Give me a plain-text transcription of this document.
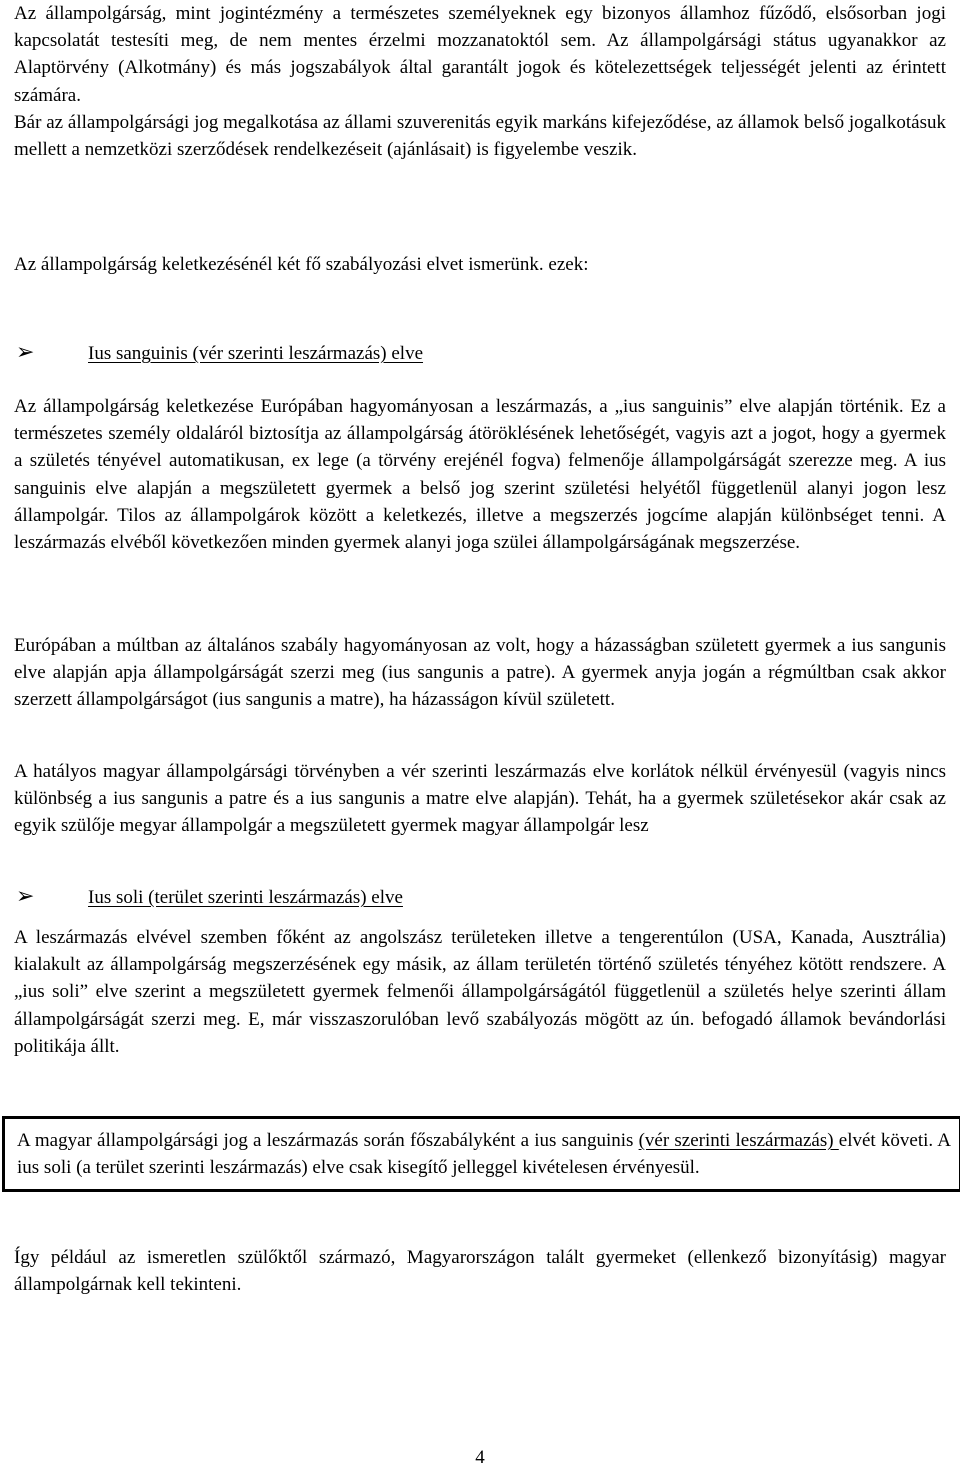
Az állampolgárság, mint jogintézmény a természetes személyeknek egy bizonyos államhoz fűződő, elsősorban jogi kapcsolatát testesíti meg, de nem mentes érzelmi mozzanatoktól sem. Az állampolgársági státus ugyanakkor az Alaptörvény (Alkotmány) és más jogszabályok által garantált jogok és kötelezettségek teljességét jelenti az érintett számára.

Bár az állampolgársági jog megalkotása az állami szuverenitás egyik markáns kifejeződése, az államok belső jogalkotásuk mellett a nemzetközi szerződések rendelkezéseit (ajánlásait) is figyelembe veszik.

Az állampolgárság keletkezésénél két fő szabályozási elvet ismerünk. ezek:

➢	Ius sanguinis (vér szerinti leszármazás) elve

Az állampolgárság keletkezése Európában hagyományosan a leszármazás, a „ius sanguinis” elve alapján történik. Ez a természetes személy oldaláról biztosítja az állampolgárság átöröklésének lehetőségét, vagyis azt a jogot, hogy a gyermek a születés tényével automatikusan, ex lege (a törvény erejénél fogva) felmenője állampolgárságát szerezze meg. A ius sanguinis elve alapján a megszületett gyermek a belső jog szerint születési helyétől függetlenül alanyi jogon lesz állampolgár. Tilos az állampolgárok között a keletkezés, illetve a megszerzés jogcíme alapján különbséget tenni. A leszármazás elvéből következően minden gyermek alanyi joga szülei állampolgárságának megszerzése.

Európában a múltban az általános szabály hagyományosan az volt, hogy a házasságban született gyermek a ius sangunis elve alapján apja állampolgárságát szerzi meg (ius sangunis a patre). A gyermek anyja jogán a régmúltban csak akkor szerzett állampolgárságot (ius sangunis a matre), ha házasságon kívül született.

A hatályos magyar állampolgársági törvényben a vér szerinti leszármazás elve korlátok nélkül érvényesül (vagyis nincs különbség a ius sangunis a patre és a ius sangunis a matre elve alapján). Tehát, ha a gyermek születésekor akár csak az egyik szülője megyar állampolgár a megszületett gyermek magyar állampolgár lesz

➢	Ius soli (terület szerinti leszármazás) elve

A leszármazás elvével szemben főként az angolszász területeken illetve a tengerentúlon (USA, Kanada, Ausztrália) kialakult az állampolgárság megszerzésének egy másik, az állam területén történő születés tényéhez kötött rendszere. A „ius soli” elve szerint a megszületett gyermek felmenői állampolgárságától függetlenül a születés helye szerinti állam állampolgárságát szerzi meg. E, már visszaszorulóban levő szabályozás mögött az ún. befogadó államok bevándorlási politikája állt.

A magyar állampolgársági jog a leszármazás során főszabályként a ius sanguinis (vér szerinti leszármazás) elvét követi. A ius soli (a terület szerinti leszármazás) elve csak kisegítő jelleggel kivételesen érvényesül.

Így például az ismeretlen szülőktől származó, Magyarországon talált gyermeket (ellenkező bizonyításig) magyar állampolgárnak kell tekinteni.

4
